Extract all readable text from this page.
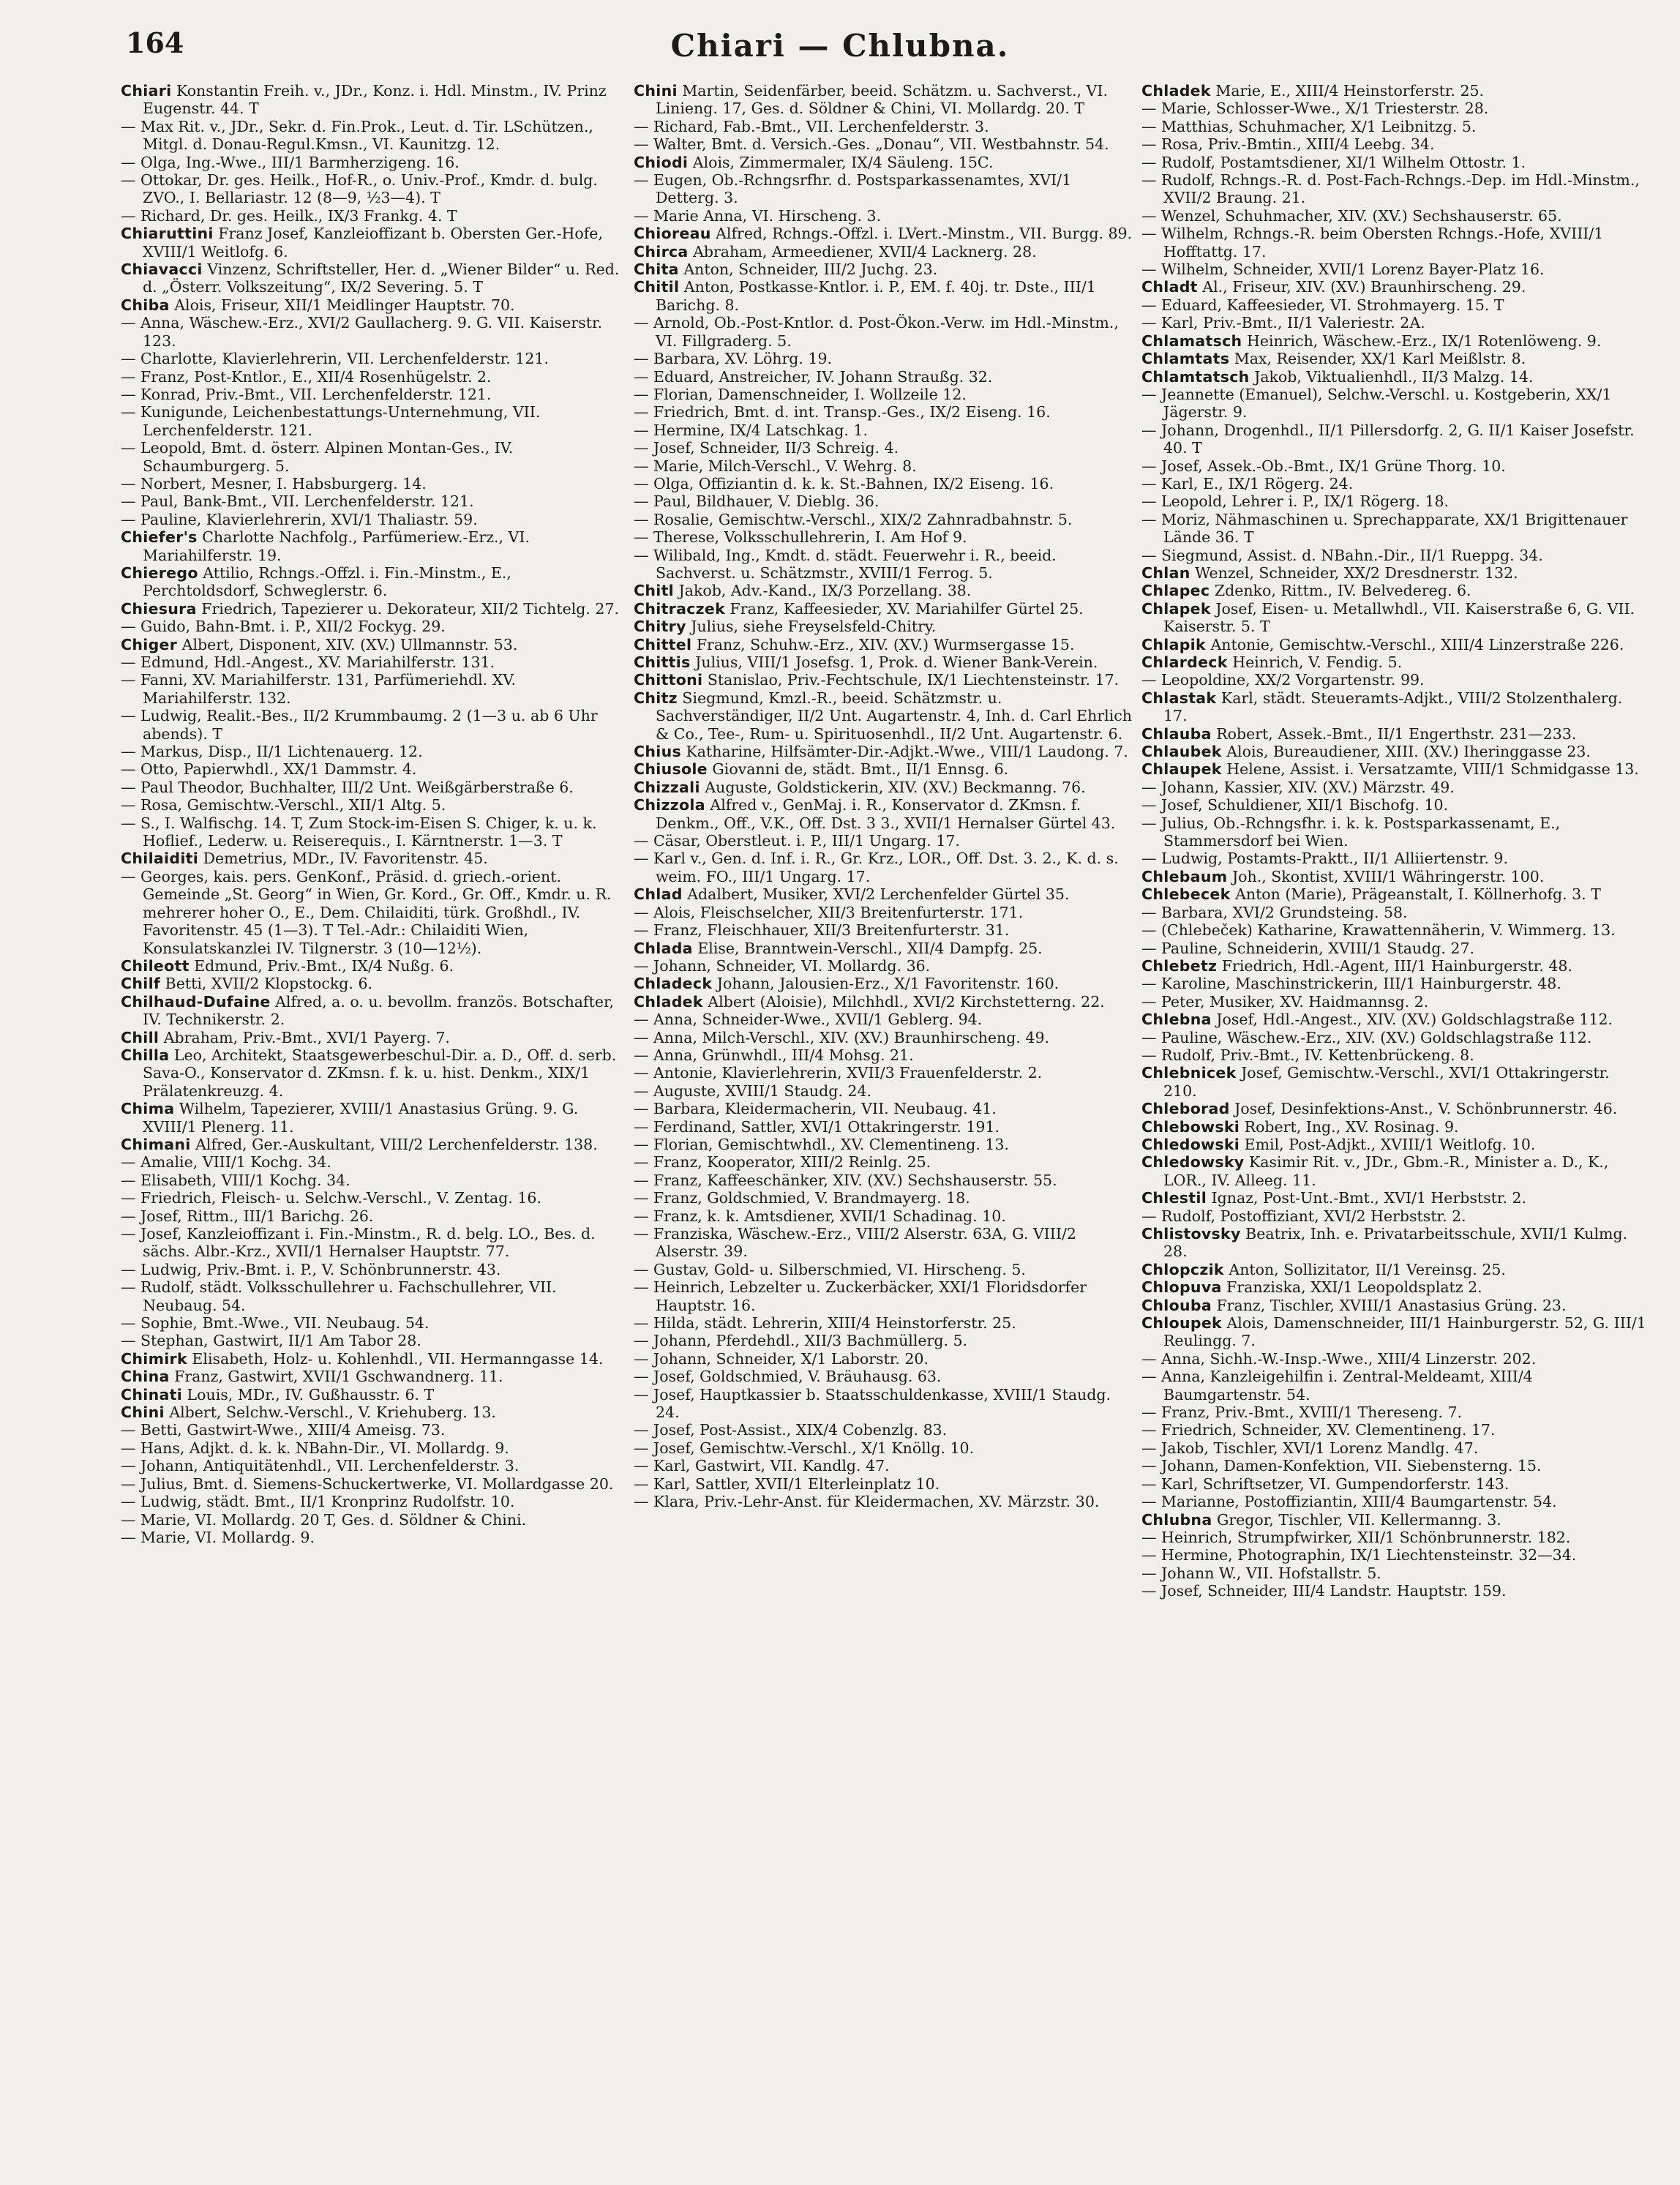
164	Chiari — Chlubna.

Chiari Konstantin Freih. v., JDr., Konz. i. Hdl. Minstm., IV. Prinz Eugenstr. 44. T

— Max Rit. v., JDr., Sekr. d. Fin.Prok., Leut. d. Tir. LSchützen., Mitgl. d. Donau-Regul.Kmsn., VI. Kaunitzg. 12.

— Olga, Ing.-Wwe., III/1 Barmherzigeng. 16.

— Ottokar, Dr. ges. Heilk., Hof-R., o. Univ.-Prof., Kmdr. d. bulg. ZVO., I. Bellariastr. 12 (8—9, ½3—4). T

— Richard, Dr. ges. Heilk., IX/3 Frankg. 4. T

Chiaruttini Franz Josef, Kanzleioffizant b. Obersten Ger.-Hofe, XVIII/1 Weitlofg. 6.

Chiavacci Vinzenz, Schriftsteller, Her. d. „Wiener Bilder“ u. Red. d. „Österr. Volkszeitung“, IX/2 Severing. 5. T

Chiba Alois, Friseur, XII/1 Meidlinger Hauptstr. 70.

— Anna, Wäschew.-Erz., XVI/2 Gaullacherg. 9. G. VII. Kaiserstr. 123.

— Charlotte, Klavierlehrerin, VII. Lerchenfelderstr. 121.

— Franz, Post-Kntlor., E., XII/4 Rosenhügelstr. 2.

— Konrad, Priv.-Bmt., VII. Lerchenfelderstr. 121.

— Kunigunde, Leichenbestattungs-Unternehmung, VII. Lerchenfelderstr. 121.

— Leopold, Bmt. d. österr. Alpinen Montan-Ges., IV. Schaumburgerg. 5.

— Norbert, Mesner, I. Habsburgerg. 14.

— Paul, Bank-Bmt., VII. Lerchenfelderstr. 121.

— Pauline, Klavierlehrerin, XVI/1 Thaliastr. 59.

Chiefer's Charlotte Nachfolg., Parfümeriew.-Erz., VI. Mariahilferstr. 19.

Chierego Attilio, Rchngs.-Offzl. i. Fin.-Minstm., E., Perchtoldsdorf, Schweglerstr. 6.

Chiesura Friedrich, Tapezierer u. Dekorateur, XII/2 Tichtelg. 27.

— Guido, Bahn-Bmt. i. P., XII/2 Fockyg. 29.

Chiger Albert, Disponent, XIV. (XV.) Ullmannstr. 53.

— Edmund, Hdl.-Angest., XV. Mariahilferstr. 131.

— Fanni, XV. Mariahilferstr. 131, Parfümeriehdl. XV. Mariahilferstr. 132.

— Ludwig, Realit.-Bes., II/2 Krummbaumg. 2 (1—3 u. ab 6 Uhr abends). T

— Markus, Disp., II/1 Lichtenauerg. 12.

— Otto, Papierwhdl., XX/1 Dammstr. 4.

— Paul Theodor, Buchhalter, III/2 Unt. Weißgärberstraße 6.

— Rosa, Gemischtw.-Verschl., XII/1 Altg. 5.

— S., I. Walfischg. 14. T, Zum Stock-im-Eisen S. Chiger, k. u. k. Hoflief., Lederw. u. Reiserequis., I. Kärntnerstr. 1—3. T

Chilaiditi Demetrius, MDr., IV. Favoritenstr. 45.

— Georges, kais. pers. GenKonf., Präsid. d. griech.-orient. Gemeinde „St. Georg“ in Wien, Gr. Kord., Gr. Off., Kmdr. u. R. mehrerer hoher O., E., Dem. Chilaiditi, türk. Großhdl., IV. Favoritenstr. 45 (1—3). T Tel.-Adr.: Chilaiditi Wien, Konsulatskanzlei IV. Tilgnerstr. 3 (10—12½).

Chileott Edmund, Priv.-Bmt., IX/4 Nußg. 6.

Chilf Betti, XVII/2 Klopstockg. 6.

Chilhaud-Dufaine Alfred, a. o. u. bevollm. französ. Botschafter, IV. Technikerstr. 2.

Chill Abraham, Priv.-Bmt., XVI/1 Payerg. 7.

Chilla Leo, Architekt, Staatsgewerbeschul-Dir. a. D., Off. d. serb. Sava-O., Konservator d. ZKmsn. f. k. u. hist. Denkm., XIX/1 Prälatenkreuzg. 4.

Chima Wilhelm, Tapezierer, XVIII/1 Anastasius Grüng. 9. G. XVIII/1 Plenerg. 11.

Chimani Alfred, Ger.-Auskultant, VIII/2 Lerchenfelderstr. 138.

— Amalie, VIII/1 Kochg. 34.

— Elisabeth, VIII/1 Kochg. 34.

— Friedrich, Fleisch- u. Selchw.-Verschl., V. Zentag. 16.

— Josef, Rittm., III/1 Barichg. 26.

— Josef, Kanzleioffizant i. Fin.-Minstm., R. d. belg. LO., Bes. d. sächs. Albr.-Krz., XVII/1 Hernalser Hauptstr. 77.

— Ludwig, Priv.-Bmt. i. P., V. Schönbrunnerstr. 43.

— Rudolf, städt. Volksschullehrer u. Fachschullehrer, VII. Neubaug. 54.

— Sophie, Bmt.-Wwe., VII. Neubaug. 54.

— Stephan, Gastwirt, II/1 Am Tabor 28.

Chimirk Elisabeth, Holz- u. Kohlenhdl., VII. Hermanngasse 14.

China Franz, Gastwirt, XVII/1 Gschwandnerg. 11.

Chinati Louis, MDr., IV. Gußhausstr. 6. T

Chini Albert, Selchw.-Verschl., V. Kriehuberg. 13.

— Betti, Gastwirt-Wwe., XIII/4 Ameisg. 73.

— Hans, Adjkt. d. k. k. NBahn-Dir., VI. Mollardg. 9.

— Johann, Antiquitätenhdl., VII. Lerchenfelderstr. 3.

— Julius, Bmt. d. Siemens-Schuckertwerke, VI. Mollardgasse 20.

— Ludwig, städt. Bmt., II/1 Kronprinz Rudolfstr. 10.

— Marie, VI. Mollardg. 20 T, Ges. d. Söldner & Chini.

— Marie, VI. Mollardg. 9.

Chini Martin, Seidenfärber, beeid. Schätzm. u. Sachverst., VI. Linieng. 17, Ges. d. Söldner & Chini, VI. Mollardg. 20. T

— Richard, Fab.-Bmt., VII. Lerchenfelderstr. 3.

— Walter, Bmt. d. Versich.-Ges. „Donau“, VII. Westbahnstr. 54.

Chiodi Alois, Zimmermaler, IX/4 Säuleng. 15C.

— Eugen, Ob.-Rchngsrfhr. d. Postsparkassenamtes, XVI/1 Detterg. 3.

— Marie Anna, VI. Hirscheng. 3.

Chioreau Alfred, Rchngs.-Offzl. i. LVert.-Minstm., VII. Burgg. 89.

Chirca Abraham, Armeediener, XVII/4 Lacknerg. 28.

Chita Anton, Schneider, III/2 Juchg. 23.

Chitil Anton, Postkasse-Kntlor. i. P., EM. f. 40j. tr. Dste., III/1 Barichg. 8.

— Arnold, Ob.-Post-Kntlor. d. Post-Ökon.-Verw. im Hdl.-Minstm., VI. Fillgraderg. 5.

— Barbara, XV. Löhrg. 19.

— Eduard, Anstreicher, IV. Johann Straußg. 32.

— Florian, Damenschneider, I. Wollzeile 12.

— Friedrich, Bmt. d. int. Transp.-Ges., IX/2 Eiseng. 16.

— Hermine, IX/4 Latschkag. 1.

— Josef, Schneider, II/3 Schreig. 4.

— Marie, Milch-Verschl., V. Wehrg. 8.

— Olga, Offiziantin d. k. k. St.-Bahnen, IX/2 Eiseng. 16.

— Paul, Bildhauer, V. Dieblg. 36.

— Rosalie, Gemischtw.-Verschl., XIX/2 Zahnradbahnstr. 5.

— Therese, Volksschullehrerin, I. Am Hof 9.

— Wilibald, Ing., Kmdt. d. städt. Feuerwehr i. R., beeid. Sachverst. u. Schätzmstr., XVIII/1 Ferrog. 5.

Chitl Jakob, Adv.-Kand., IX/3 Porzellang. 38.

Chitraczek Franz, Kaffeesieder, XV. Mariahilfer Gürtel 25.

Chitry Julius, siehe Freyselsfeld-Chitry.

Chittel Franz, Schuhw.-Erz., XIV. (XV.) Wurmsergasse 15.

Chittis Julius, VIII/1 Josefsg. 1, Prok. d. Wiener Bank-Verein.

Chittoni Stanislao, Priv.-Fechtschule, IX/1 Liechtensteinstr. 17.

Chitz Siegmund, Kmzl.-R., beeid. Schätzmstr. u. Sachverständiger, II/2 Unt. Augartenstr. 4, Inh. d. Carl Ehrlich & Co., Tee-, Rum- u. Spirituosenhdl., II/2 Unt. Augartenstr. 6.

Chius Katharine, Hilfsämter-Dir.-Adjkt.-Wwe., VIII/1 Laudong. 7.

Chiusole Giovanni de, städt. Bmt., II/1 Ennsg. 6.

Chizzali Auguste, Goldstickerin, XIV. (XV.) Beckmanng. 76.

Chizzola Alfred v., GenMaj. i. R., Konservator d. ZKmsn. f. Denkm., Off., V.K., Off. Dst. 3 3., XVII/1 Hernalser Gürtel 43.

— Cäsar, Oberstleut. i. P., III/1 Ungarg. 17.

— Karl v., Gen. d. Inf. i. R., Gr. Krz., LOR., Off. Dst. 3. 2., K. d. s. weim. FO., III/1 Ungarg. 17.

Chlad Adalbert, Musiker, XVI/2 Lerchenfelder Gürtel 35.

— Alois, Fleischselcher, XII/3 Breitenfurterstr. 171.

— Franz, Fleischhauer, XII/3 Breitenfurterstr. 31.

Chlada Elise, Branntwein-Verschl., XII/4 Dampfg. 25.

— Johann, Schneider, VI. Mollardg. 36.

Chladeck Johann, Jalousien-Erz., X/1 Favoritenstr. 160.

Chladek Albert (Aloisie), Milchhdl., XVI/2 Kirchstetterng. 22.

— Anna, Schneider-Wwe., XVII/1 Geblerg. 94.

— Anna, Milch-Verschl., XIV. (XV.) Braunhirscheng. 49.

— Anna, Grünwhdl., III/4 Mohsg. 21.

— Antonie, Klavierlehrerin, XVII/3 Frauenfelderstr. 2.

— Auguste, XVIII/1 Staudg. 24.

— Barbara, Kleidermacherin, VII. Neubaug. 41.

— Ferdinand, Sattler, XVI/1 Ottakringerstr. 191.

— Florian, Gemischtwhdl., XV. Clementineng. 13.

— Franz, Kooperator, XIII/2 Reinlg. 25.

— Franz, Kaffeeschänker, XIV. (XV.) Sechshauserstr. 55.

— Franz, Goldschmied, V. Brandmayerg. 18.

— Franz, k. k. Amtsdiener, XVII/1 Schadinag. 10.

— Franziska, Wäschew.-Erz., VIII/2 Alserstr. 63A, G. VIII/2 Alserstr. 39.

— Gustav, Gold- u. Silberschmied, VI. Hirscheng. 5.

— Heinrich, Lebzelter u. Zuckerbäcker, XXI/1 Floridsdorfer Hauptstr. 16.

— Hilda, städt. Lehrerin, XIII/4 Heinstorferstr. 25.

— Johann, Pferdehdl., XII/3 Bachmüllerg. 5.

— Johann, Schneider, X/1 Laborstr. 20.

— Josef, Goldschmied, V. Bräuhausg. 63.

— Josef, Hauptkassier b. Staatsschuldenkasse, XVIII/1 Staudg. 24.

— Josef, Post-Assist., XIX/4 Cobenzlg. 83.

— Josef, Gemischtw.-Verschl., X/1 Knöllg. 10.

— Karl, Gastwirt, VII. Kandlg. 47.

— Karl, Sattler, XVII/1 Elterleinplatz 10.

— Klara, Priv.-Lehr-Anst. für Kleidermachen, XV. Märzstr. 30.

Chladek Marie, E., XIII/4 Heinstorferstr. 25.

— Marie, Schlosser-Wwe., X/1 Triesterstr. 28.

— Matthias, Schuhmacher, X/1 Leibnitzg. 5.

— Rosa, Priv.-Bmtin., XIII/4 Leebg. 34.

— Rudolf, Postamtsdiener, XI/1 Wilhelm Ottostr. 1.

— Rudolf, Rchngs.-R. d. Post-Fach-Rchngs.-Dep. im Hdl.-Minstm., XVII/2 Braung. 21.

— Wenzel, Schuhmacher, XIV. (XV.) Sechshauserstr. 65.

— Wilhelm, Rchngs.-R. beim Obersten Rchngs.-Hofe, XVIII/1 Hofftattg. 17.

— Wilhelm, Schneider, XVII/1 Lorenz Bayer-Platz 16.

Chladt Al., Friseur, XIV. (XV.) Braunhirscheng. 29.

— Eduard, Kaffeesieder, VI. Strohmayerg. 15. T

— Karl, Priv.-Bmt., II/1 Valeriestr. 2A.

Chlamatsch Heinrich, Wäschew.-Erz., IX/1 Rotenlöweng. 9.

Chlamtats Max, Reisender, XX/1 Karl Meißlstr. 8.

Chlamtatsch Jakob, Viktualienhdl., II/3 Malzg. 14.

— Jeannette (Emanuel), Selchw.-Verschl. u. Kostgeberin, XX/1 Jägerstr. 9.

— Johann, Drogenhdl., II/1 Pillersdorfg. 2, G. II/1 Kaiser Josefstr. 40. T

— Josef, Assek.-Ob.-Bmt., IX/1 Grüne Thorg. 10.

— Karl, E., IX/1 Rögerg. 24.

— Leopold, Lehrer i. P., IX/1 Rögerg. 18.

— Moriz, Nähmaschinen u. Sprechapparate, XX/1 Brigittenauer Lände 36. T

— Siegmund, Assist. d. NBahn.-Dir., II/1 Rueppg. 34.

Chlan Wenzel, Schneider, XX/2 Dresdnerstr. 132.

Chlapec Zdenko, Rittm., IV. Belvedereg. 6.

Chlapek Josef, Eisen- u. Metallwhdl., VII. Kaiserstraße 6, G. VII. Kaiserstr. 5. T

Chlapik Antonie, Gemischtw.-Verschl., XIII/4 Linzerstraße 226.

Chlardeck Heinrich, V. Fendig. 5.

— Leopoldine, XX/2 Vorgartenstr. 99.

Chlastak Karl, städt. Steueramts-Adjkt., VIII/2 Stolzenthalerg. 17.

Chlauba Robert, Assek.-Bmt., II/1 Engerthstr. 231—233.

Chlaubek Alois, Bureaudiener, XIII. (XV.) Iheringgasse 23.

Chlaupek Helene, Assist. i. Versatzamte, VIII/1 Schmidgasse 13.

— Johann, Kassier, XIV. (XV.) Märzstr. 49.

— Josef, Schuldiener, XII/1 Bischofg. 10.

— Julius, Ob.-Rchngsfhr. i. k. k. Postsparkassenamt, E., Stammersdorf bei Wien.

— Ludwig, Postamts-Praktt., II/1 Alliiertenstr. 9.

Chlebaum Joh., Skontist, XVIII/1 Währingerstr. 100.

Chlebecek Anton (Marie), Prägeanstalt, I. Köllnerhofg. 3. T

— Barbara, XVI/2 Grundsteing. 58.

— (Chlebeček) Katharine, Krawattennäherin, V. Wimmerg. 13.

— Pauline, Schneiderin, XVIII/1 Staudg. 27.

Chlebetz Friedrich, Hdl.-Agent, III/1 Hainburgerstr. 48.

— Karoline, Maschinstrickerin, III/1 Hainburgerstr. 48.

— Peter, Musiker, XV. Haidmannsg. 2.

Chlebna Josef, Hdl.-Angest., XIV. (XV.) Goldschlagstraße 112.

— Pauline, Wäschew.-Erz., XIV. (XV.) Goldschlagstraße 112.

— Rudolf, Priv.-Bmt., IV. Kettenbrückeng. 8.

Chlebnicek Josef, Gemischtw.-Verschl., XVI/1 Ottakringerstr. 210.

Chleborad Josef, Desinfektions-Anst., V. Schönbrunnerstr. 46.

Chlebowski Robert, Ing., XV. Rosinag. 9.

Chledowski Emil, Post-Adjkt., XVIII/1 Weitlofg. 10.

Chledowsky Kasimir Rit. v., JDr., Gbm.-R., Minister a. D., K., LOR., IV. Alleeg. 11.

Chlestil Ignaz, Post-Unt.-Bmt., XVI/1 Herbststr. 2.

— Rudolf, Postoffiziant, XVI/2 Herbststr. 2.

Chlistovsky Beatrix, Inh. e. Privatarbeitsschule, XVII/1 Kulmg. 28.

Chlopczik Anton, Sollizitator, II/1 Vereinsg. 25.

Chlopuva Franziska, XXI/1 Leopoldsplatz 2.

Chlouba Franz, Tischler, XVIII/1 Anastasius Grüng. 23.

Chloupek Alois, Damenschneider, III/1 Hainburgerstr. 52, G. III/1 Reulingg. 7.

— Anna, Sichh.-W.-Insp.-Wwe., XIII/4 Linzerstr. 202.

— Anna, Kanzleigehilfin i. Zentral-Meldeamt, XIII/4 Baumgartenstr. 54.

— Franz, Priv.-Bmt., XVIII/1 Thereseng. 7.

— Friedrich, Schneider, XV. Clementineng. 17.

— Jakob, Tischler, XVI/1 Lorenz Mandlg. 47.

— Johann, Damen-Konfektion, VII. Siebensterng. 15.

— Karl, Schriftsetzer, VI. Gumpendorferstr. 143.

— Marianne, Postoffiziantin, XIII/4 Baumgartenstr. 54.

Chlubna Gregor, Tischler, VII. Kellermanng. 3.

— Heinrich, Strumpfwirker, XII/1 Schönbrunnerstr. 182.

— Hermine, Photographin, IX/1 Liechtensteinstr. 32—34.

— Johann W., VII. Hofstallstr. 5.

— Josef, Schneider, III/4 Landstr. Hauptstr. 159.
